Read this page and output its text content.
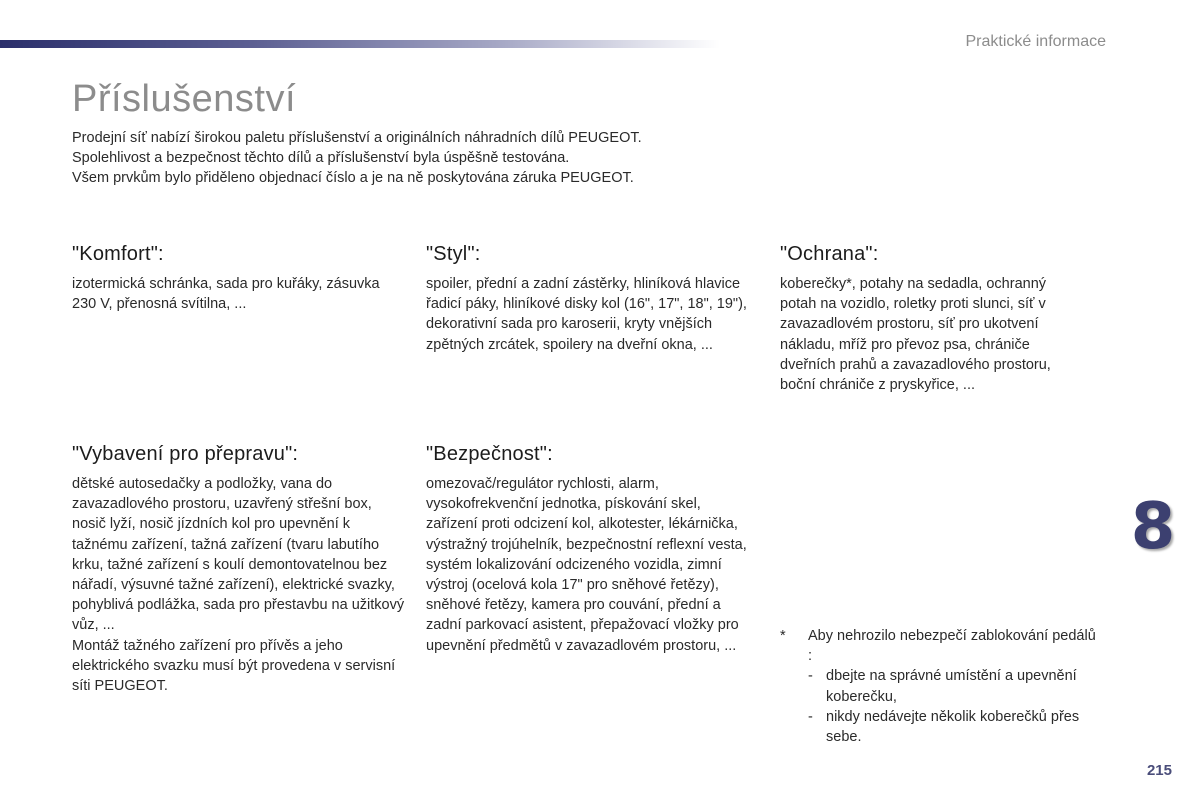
Praktické informace
Příslušenství

Prodejní síť nabízí širokou paletu příslušenství a originálních náhradních dílů PEUGEOT.

Spolehlivost a bezpečnost těchto dílů a příslušenství byla úspěšně testována.

Všem prvkům bylo přiděleno objednací číslo a je na ně poskytována záruka PEUGEOT.

"Komfort":

izotermická schránka, sada pro kuřáky, zásuvka 230 V, přenosná svítilna, ...

"Styl":

spoiler, přední a zadní zástěrky, hliníková hlavice řadicí páky, hliníkové disky kol (16", 17", 18", 19"), dekorativní sada pro karoserii, kryty vnějších zpětných zrcátek, spoilery na dveřní okna, ...

"Ochrana":

koberečky*, potahy na sedadla, ochranný potah na vozidlo, roletky proti slunci, síť v zavazadlovém prostoru, síť pro ukotvení nákladu, mříž pro převoz psa, chrániče dveřních prahů a zavazadlového prostoru, boční chrániče z pryskyřice, ...

"Vybavení pro přepravu":

dětské autosedačky a podložky, vana do zavazadlového prostoru, uzavřený střešní box, nosič lyží, nosič jízdních kol pro upevnění k tažnému zařízení, tažná zařízení (tvaru labutího krku, tažné zařízení s koulí demontovatelnou bez nářadí, výsuvné tažné zařízení), elektrické svazky, pohyblivá podlážka, sada pro přestavbu na užitkový vůz, ...

Montáž tažného zařízení pro přívěs a jeho elektrického svazku musí být provedena v servisní síti PEUGEOT.

"Bezpečnost":

omezovač/regulátor rychlosti, alarm, vysokofrekvenční jednotka, pískování skel, zařízení proti odcizení kol, alkotester, lékárnička, výstražný trojúhelník, bezpečnostní reflexní vesta, systém lokalizování odcizeného vozidla, zimní výstroj (ocelová kola 17" pro sněhové řetězy), sněhové řetězy, kamera pro couvání, přední a zadní parkovací asistent, přepažovací vložky pro upevnění předmětů v zavazadlovém prostoru, ...

8
* Aby nehrozilo nebezpečí zablokování pedálů :
- dbejte na správné umístění a upevnění koberečku,
- nikdy nedávejte několik koberečků přes sebe.
215
